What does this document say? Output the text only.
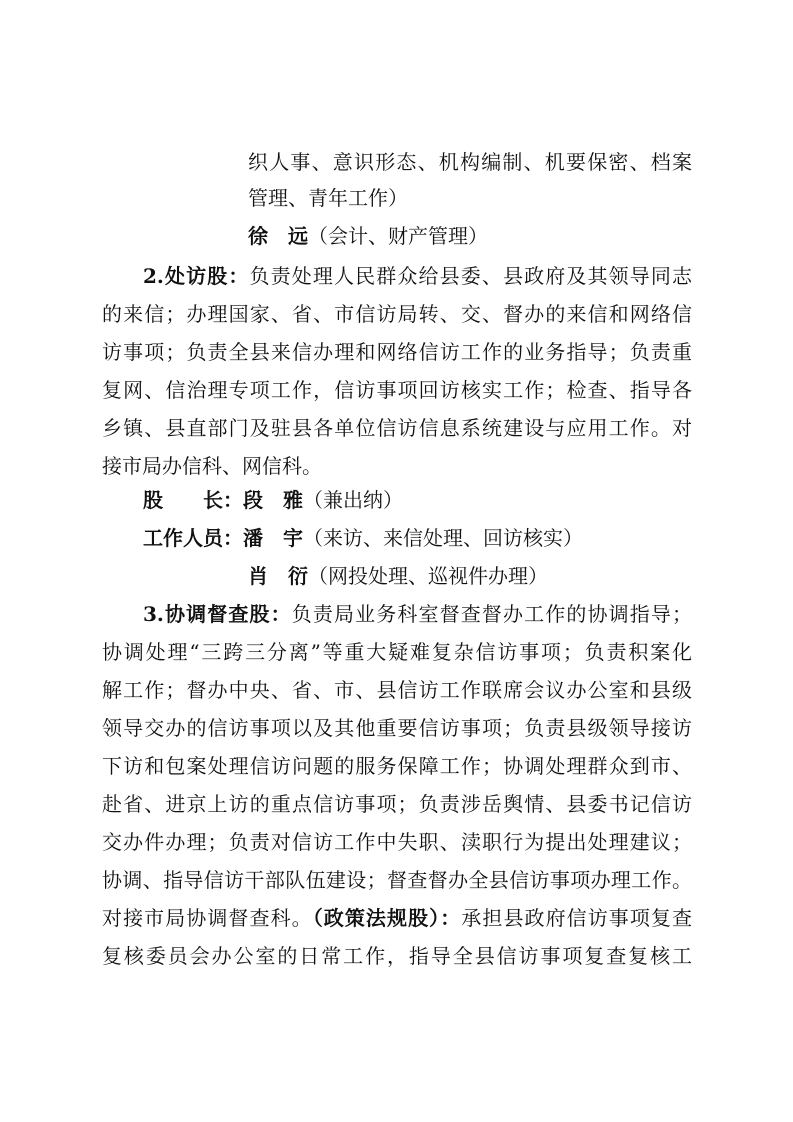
织人事、意识形态、机构编制、机要保密、档案
管理、青年工作）
徐　远（会计、财产管理）
2.处访股：负责处理人民群众给县委、县政府及其领导同志
的来信；办理国家、省、市信访局转、交、督办的来信和网络信
访事项；负责全县来信办理和网络信访工作的业务指导；负责重
复网、信治理专项工作，信访事项回访核实工作；检查、指导各
乡镇、县直部门及驻县各单位信访信息系统建设与应用工作。对
接市局办信科、网信科。
股　　长：段　雅（兼出纳）
工作人员：潘　宇（来访、来信处理、回访核实）
肖　衍（网投处理、巡视件办理）
3.协调督查股：负责局业务科室督查督办工作的协调指导；
协调处理“三跨三分离”等重大疑难复杂信访事项；负责积案化
解工作；督办中央、省、市、县信访工作联席会议办公室和县级
领导交办的信访事项以及其他重要信访事项；负责县级领导接访
下访和包案处理信访问题的服务保障工作；协调处理群众到市、
赴省、进京上访的重点信访事项；负责涉岳舆情、县委书记信访
交办件办理；负责对信访工作中失职、渎职行为提出处理建议；
协调、指导信访干部队伍建设；督查督办全县信访事项办理工作。
对接市局协调督查科。（政策法规股）：承担县政府信访事项复查
复核委员会办公室的日常工作，指导全县信访事项复查复核工
